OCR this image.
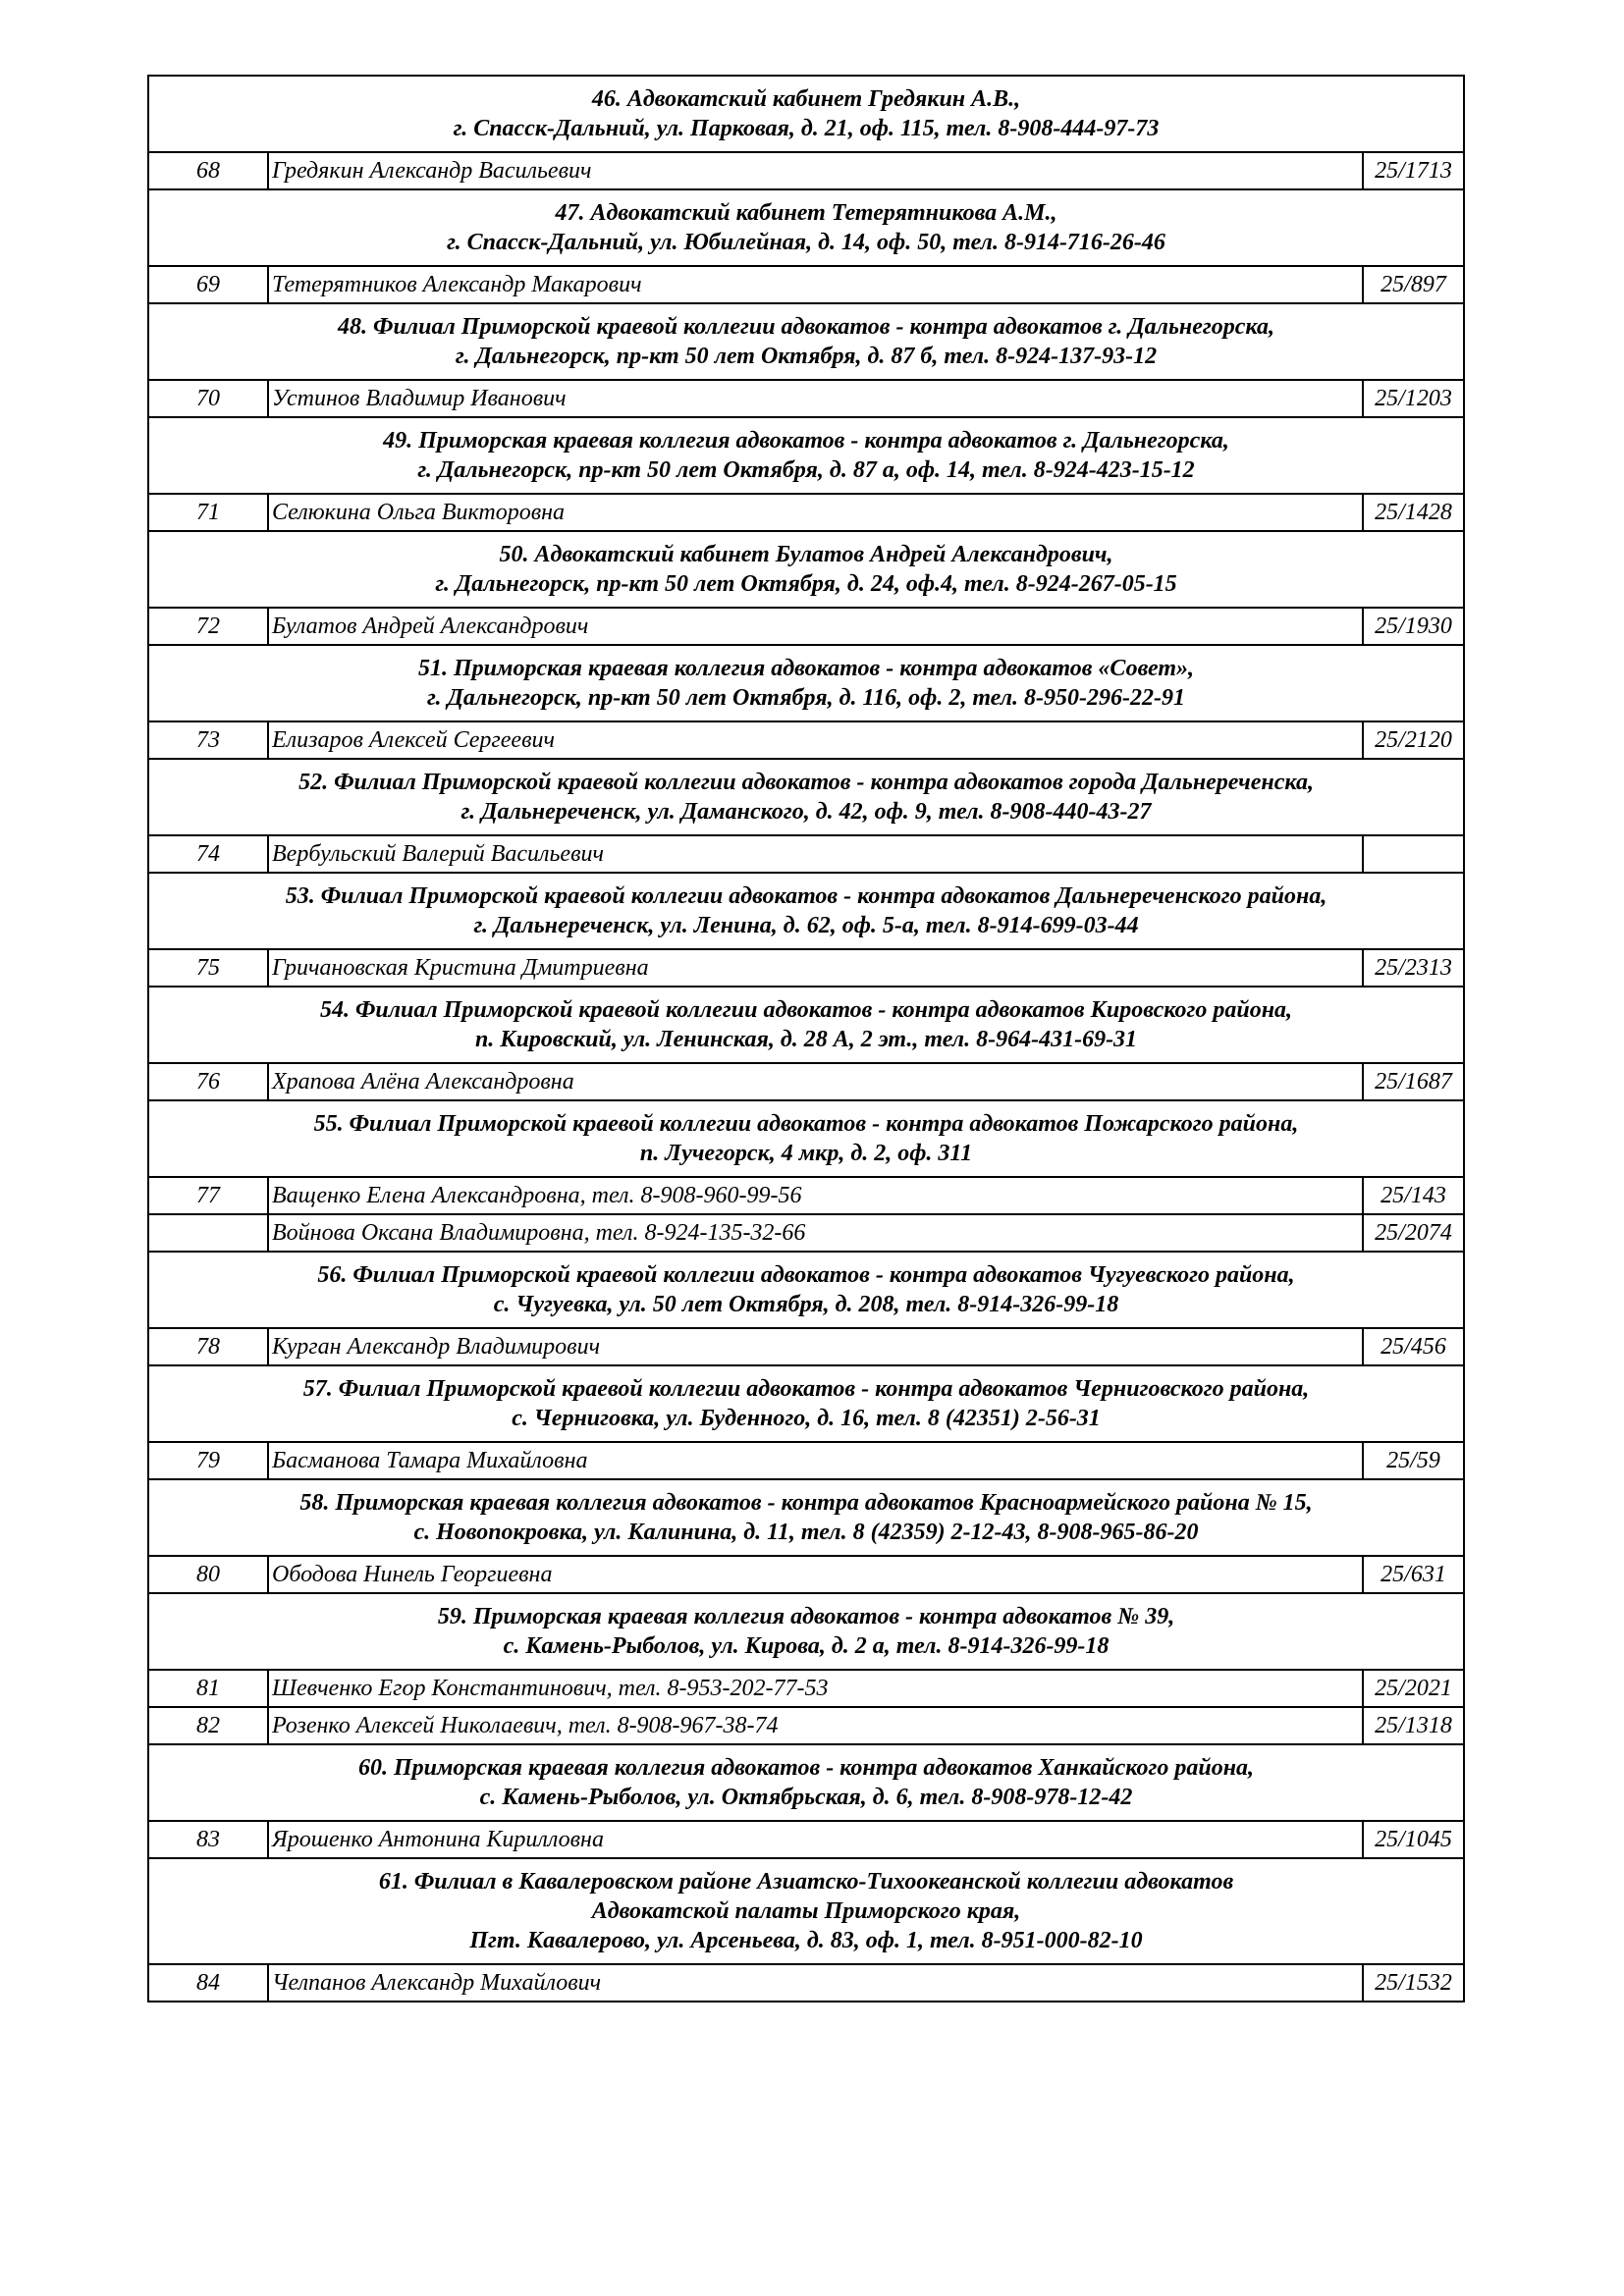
46. Адвокатский кабинет Гредякин А.В.,
г. Спасск-Дальний, ул. Парковая, д. 21, оф. 115, тел. 8-908-444-97-73		

68	Гредякин Александр Васильевич	25/1713

47. Адвокатский кабинет Тетерятникова А.М.,
г. Спасск-Дальний, ул. Юбилейная, д. 14, оф. 50, тел. 8-914-716-26-46		

69	Тетерятников Александр Макарович	25/897

48. Филиал Приморской краевой коллегии адвокатов - контра адвокатов г. Дальнегорска,
г. Дальнегорск, пр-кт 50 лет Октября, д. 87 б, тел. 8-924-137-93-12		

70	Устинов Владимир Иванович	25/1203

49. Приморская краевая коллегия адвокатов - контра адвокатов г. Дальнегорска,
г. Дальнегорск, пр-кт 50 лет Октября, д. 87 а, оф. 14, тел. 8-924-423-15-12		

71	Селюкина Ольга Викторовна	25/1428

50. Адвокатский кабинет Булатов Андрей Александрович,
г. Дальнегорск, пр-кт 50 лет Октября, д. 24, оф.4, тел. 8-924-267-05-15		

72	Булатов Андрей Александрович	25/1930

51. Приморская краевая коллегия адвокатов - контра адвокатов «Совет»,
г. Дальнегорск, пр-кт 50 лет Октября, д. 116, оф. 2, тел. 8-950-296-22-91		

73	Елизаров Алексей Сергеевич	25/2120

52. Филиал Приморской краевой коллегии адвокатов - контра адвокатов города Дальнереченска,
г. Дальнереченск, ул. Даманского, д. 42, оф. 9, тел. 8-908-440-43-27		

74	Вербульский Валерий Васильевич	

53. Филиал Приморской краевой коллегии адвокатов - контра адвокатов Дальнереченского района,
г. Дальнереченск, ул. Ленина, д. 62, оф. 5-а, тел. 8-914-699-03-44		

75	Гричановская Кристина Дмитриевна	25/2313

54. Филиал Приморской краевой коллегии адвокатов - контра адвокатов Кировского района,
п. Кировский, ул. Ленинская, д. 28 А, 2 эт., тел. 8-964-431-69-31		

76	Храпова Алёна Александровна	25/1687

55. Филиал Приморской краевой коллегии адвокатов - контра адвокатов Пожарского района,
п. Лучегорск, 4 мкр, д. 2, оф. 311		

77	Ващенко Елена Александровна, тел. 8-908-960-99-56	25/143
	Войнова Оксана Владимировна, тел. 8-924-135-32-66	25/2074

56. Филиал Приморской краевой коллегии адвокатов - контра адвокатов Чугуевского района,
с. Чугуевка, ул. 50 лет Октября, д. 208, тел. 8-914-326-99-18		

78	Курган Александр Владимирович	25/456

57. Филиал Приморской краевой коллегии адвокатов - контра адвокатов Черниговского района,
с. Черниговка, ул. Буденного, д. 16, тел. 8 (42351) 2-56-31		

79	Басманова Тамара Михайловна	25/59

58. Приморская краевая коллегия адвокатов - контра адвокатов Красноармейского района № 15,
с. Новопокровка, ул. Калинина, д. 11, тел. 8 (42359) 2-12-43, 8-908-965-86-20		

80	Ободова Нинель Георгиевна	25/631

59. Приморская краевая коллегия адвокатов - контра адвокатов № 39,
с. Камень-Рыболов, ул. Кирова, д. 2 а, тел. 8-914-326-99-18		

81	Шевченко Егор Константинович, тел. 8-953-202-77-53	25/2021
82	Розенко Алексей Николаевич, тел. 8-908-967-38-74	25/1318

60. Приморская краевая коллегия адвокатов - контра адвокатов Ханкайского района,
с. Камень-Рыболов, ул. Октябрьская, д. 6, тел. 8-908-978-12-42		

83	Ярошенко Антонина Кирилловна	25/1045

61. Филиал в Кавалеровском районе Азиатско-Тихоокеанской коллегии адвокатов
Адвокатской палаты Приморского края,
Пгт. Кавалерово, ул. Арсеньева, д. 83, оф. 1, тел. 8-951-000-82-10		

84	Челпанов Александр Михайлович	25/1532
